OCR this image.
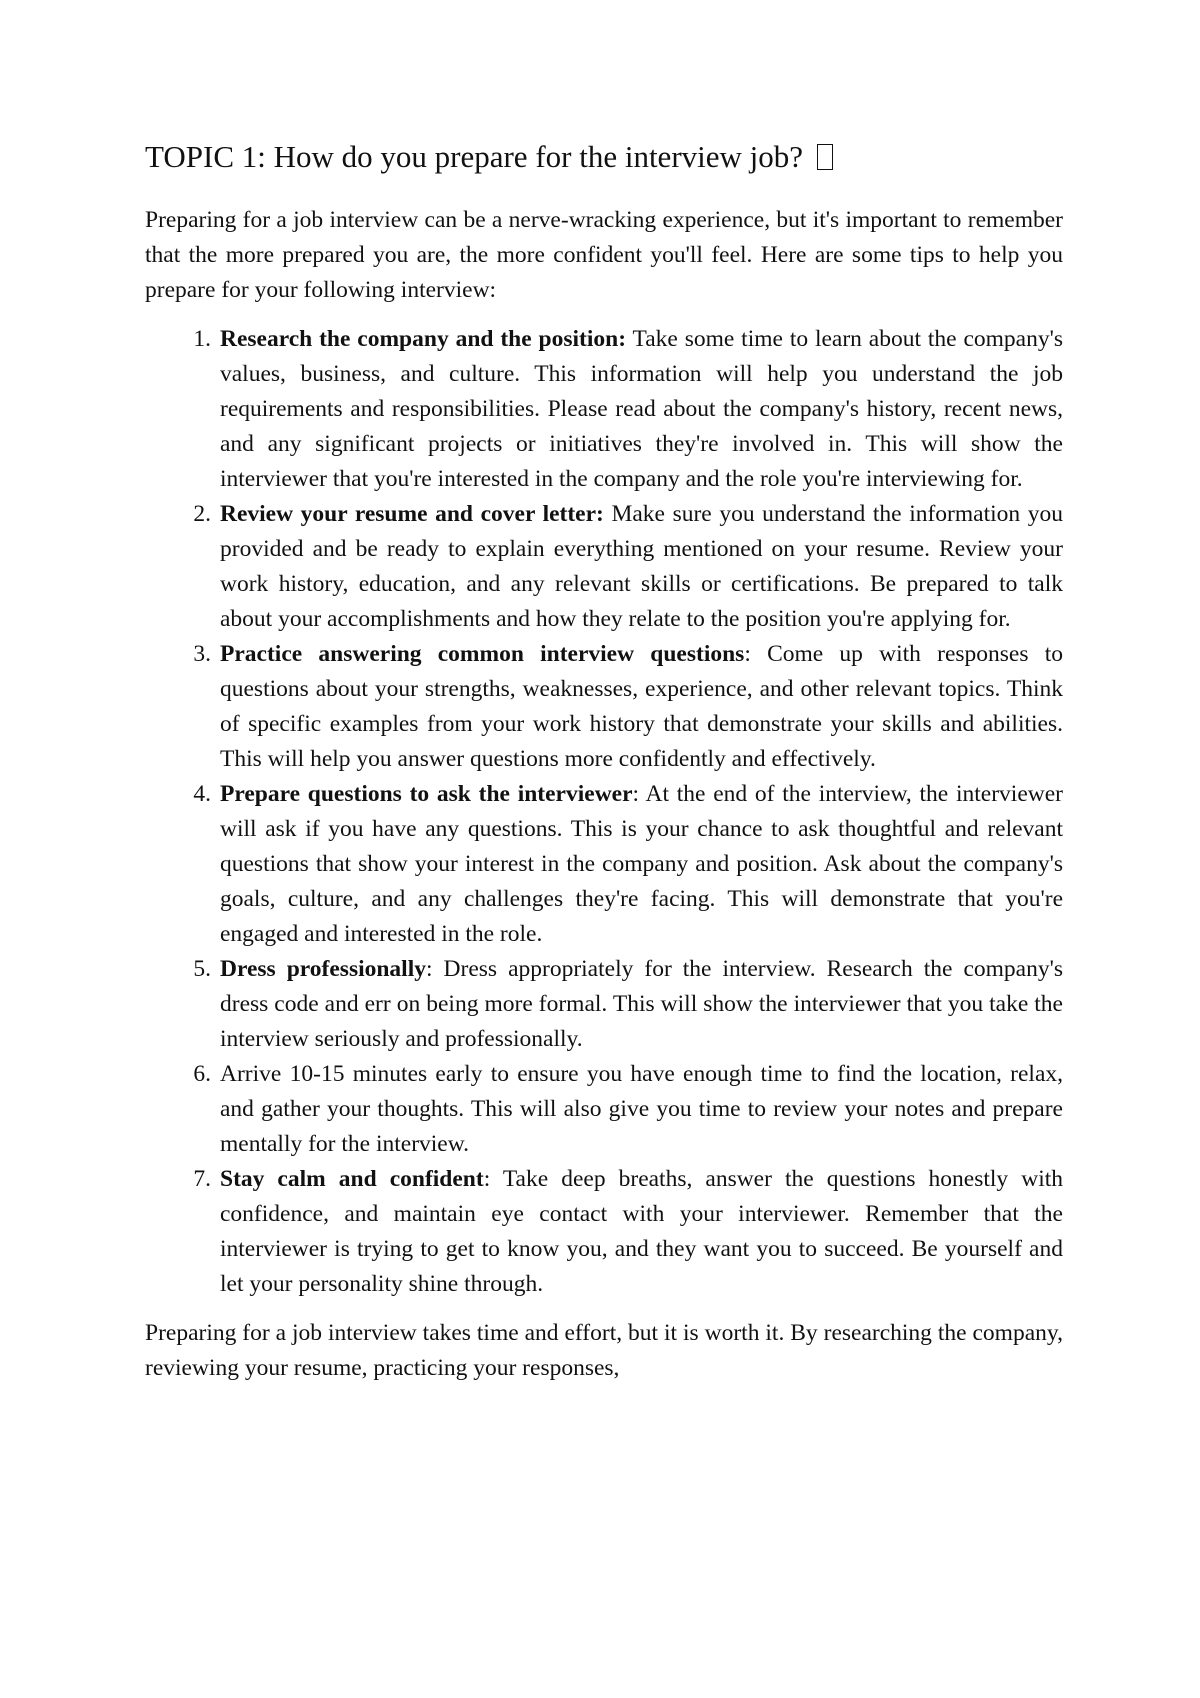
TOPIC 1: How do you prepare for the interview job?

Preparing for a job interview can be a nerve-wracking experience, but it's important to remember that the more prepared you are, the more confident you'll feel. Here are some tips to help you prepare for your following interview:

1. Research the company and the position: Take some time to learn about the company's values, business, and culture. This information will help you understand the job requirements and responsibilities. Please read about the company's history, recent news, and any significant projects or initiatives they're involved in. This will show the interviewer that you're interested in the company and the role you're interviewing for.
2. Review your resume and cover letter: Make sure you understand the information you provided and be ready to explain everything mentioned on your resume. Review your work history, education, and any relevant skills or certifications. Be prepared to talk about your accomplishments and how they relate to the position you're applying for.
3. Practice answering common interview questions: Come up with responses to questions about your strengths, weaknesses, experience, and other relevant topics. Think of specific examples from your work history that demonstrate your skills and abilities. This will help you answer questions more confidently and effectively.
4. Prepare questions to ask the interviewer: At the end of the interview, the interviewer will ask if you have any questions. This is your chance to ask thoughtful and relevant questions that show your interest in the company and position. Ask about the company's goals, culture, and any challenges they're facing. This will demonstrate that you're engaged and interested in the role.
5. Dress professionally: Dress appropriately for the interview. Research the company's dress code and err on being more formal. This will show the interviewer that you take the interview seriously and professionally.
6. Arrive 10-15 minutes early to ensure you have enough time to find the location, relax, and gather your thoughts. This will also give you time to review your notes and prepare mentally for the interview.
7. Stay calm and confident: Take deep breaths, answer the questions honestly with confidence, and maintain eye contact with your interviewer. Remember that the interviewer is trying to get to know you, and they want you to succeed. Be yourself and let your personality shine through.

Preparing for a job interview takes time and effort, but it is worth it. By researching the company, reviewing your resume, practicing your responses,
